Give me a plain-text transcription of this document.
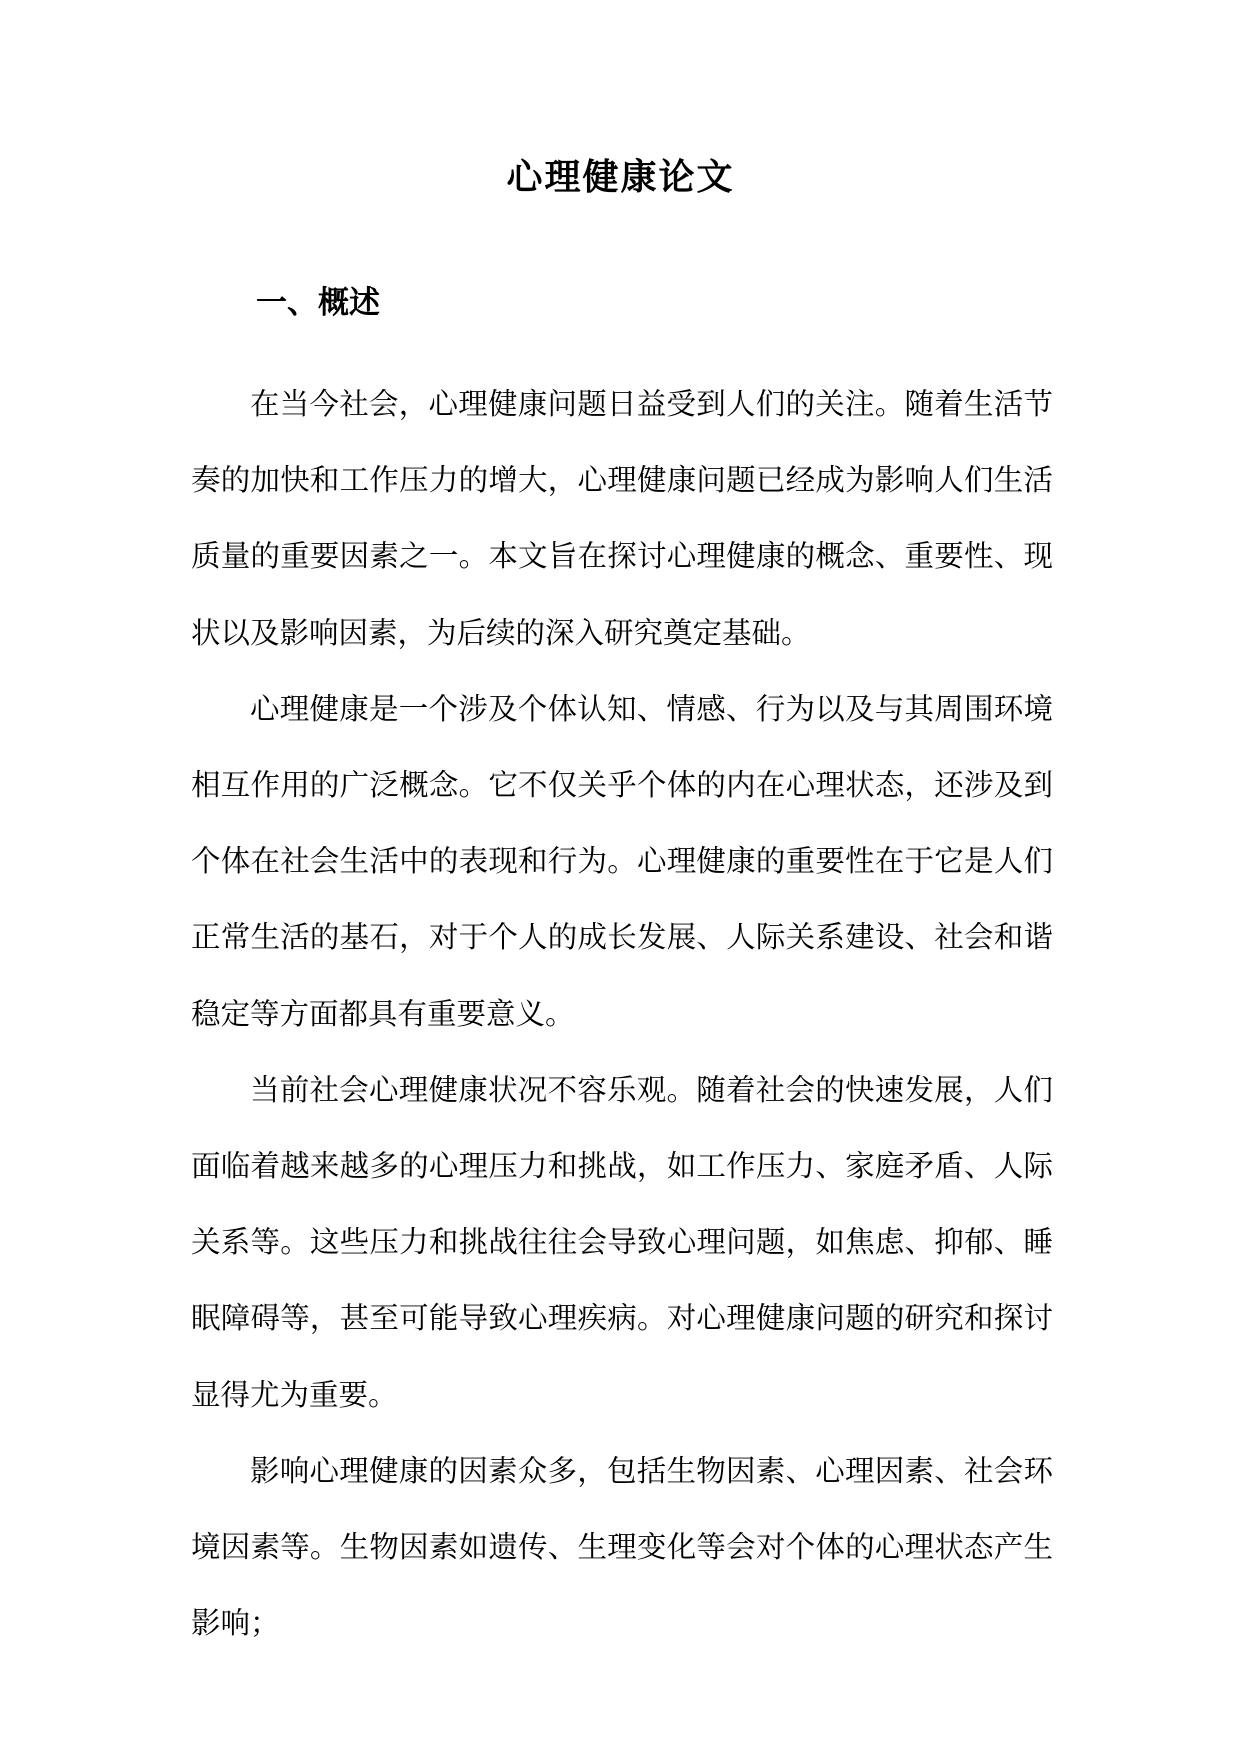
心理健康论文
一、概述

在当今社会，心理健康问题日益受到人们的关注。随着生活节奏的加快和工作压力的增大，心理健康问题已经成为影响人们生活质量的重要因素之一。本文旨在探讨心理健康的概念、重要性、现状以及影响因素，为后续的深入研究奠定基础。

心理健康是一个涉及个体认知、情感、行为以及与其周围环境相互作用的广泛概念。它不仅关乎个体的内在心理状态，还涉及到个体在社会生活中的表现和行为。心理健康的重要性在于它是人们正常生活的基石，对于个人的成长发展、人际关系建设、社会和谐稳定等方面都具有重要意义。

当前社会心理健康状况不容乐观。随着社会的快速发展，人们面临着越来越多的心理压力和挑战，如工作压力、家庭矛盾、人际关系等。这些压力和挑战往往会导致心理问题，如焦虑、抑郁、睡眠障碍等，甚至可能导致心理疾病。对心理健康问题的研究和探讨显得尤为重要。

影响心理健康的因素众多，包括生物因素、心理因素、社会环境因素等。生物因素如遗传、生理变化等会对个体的心理状态产生影响；
